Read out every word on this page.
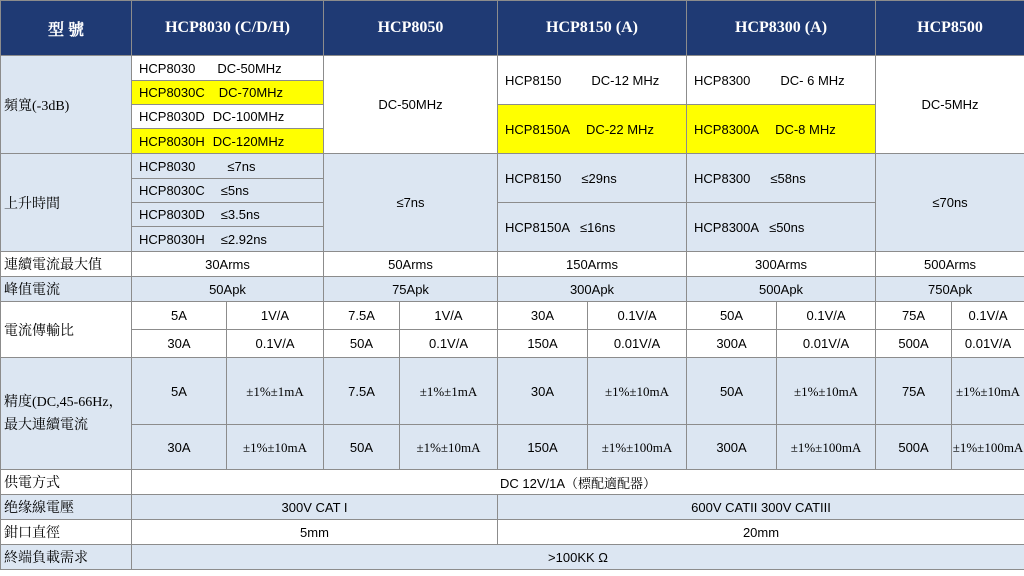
型 號	HCP8030 (C/D/H)		HCP8050		HCP8150 (A)		HCP8300 (A)		HCP8500	
頻寬(-3dB)	HCP8030 DC-50MHz		DC-50MHz		HCP8150 DC-12 MHz		HCP8300 DC- 6 MHz		DC-5MHz	
	HCP8030C DC-70MHz									
	HCP8030D DC-100MHz				HCP8150A DC-22 MHz		HCP8300A DC-8 MHz			
	HCP8030H DC-120MHz									
上升時間	HCP8030 ≤7ns		≤7ns		HCP8150 ≤29ns		HCP8300 ≤58ns		≤70ns	
	HCP8030C ≤5ns									
	HCP8030D ≤3.5ns				HCP8150A ≤16ns		HCP8300A ≤50ns			
	HCP8030H ≤2.92ns									
連續電流最大值	30Arms		50Arms		150Arms		300Arms		500Arms	
峰值電流	50Apk		75Apk		300Apk		500Apk		750Apk	
電流傳輸比	5A	1V/A	7.5A	1V/A	30A	0.1V/A	50A	0.1V/A	75A	0.1V/A
	30A	0.1V/A	50A	0.1V/A	150A	0.01V/A	300A	0.01V/A	500A	0.01V/A
精度(DC,45-66Hz，最大連續電流	5A	±1%±1mA	7.5A	±1%±1mA	30A	±1%±10mA	50A	±1%±10mA	75A	±1%±10mA
	30A	±1%±10mA	50A	±1%±10mA	150A	±1%±100mA	300A	±1%±100mA	500A	±1%±100mA
供電方式	DC 12V/1A（標配適配器）									
绝缘線電壓	300V CAT I				600V CATII 300V CATIII					
鉗口直徑	5mm				20mm					
終端負載需求	>100KK Ω									
